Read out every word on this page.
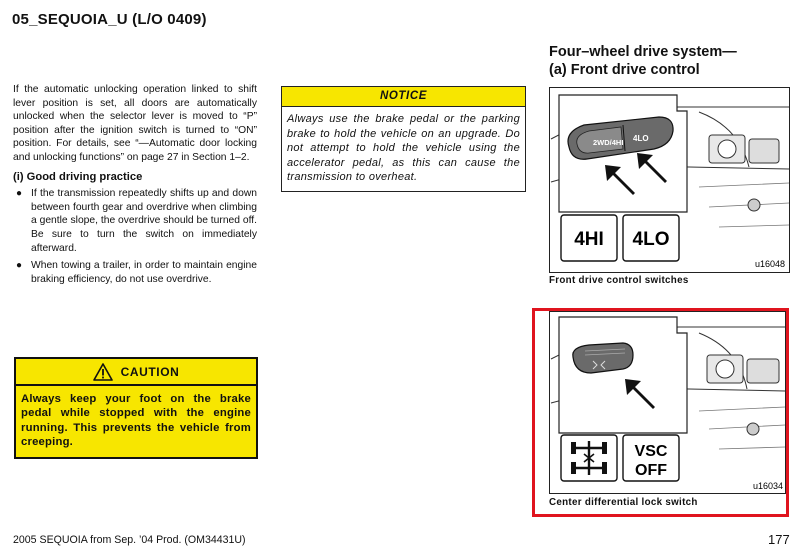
05_SEQUOIA_U (L/O 0409)
Four–wheel drive system—
(a) Front drive control

If the automatic unlocking operation linked to shift lever position is set, all doors are automatically unlocked when the selector lever is moved to “P” position after the ignition switch is turned to “ON” position. For details, see “—Automatic door locking and unlocking functions” on page 27 in Section 1–2.

(i) Good driving practice

● If the transmission repeatedly shifts up and down between fourth gear and overdrive when climbing a gentle slope, the overdrive should be turned off. Be sure to turn the switch on immediately afterward.

● When towing a trailer, in order to maintain engine braking efficiency, do not use overdrive.

CAUTION
Always keep your foot on the brake pedal while stopped with the engine running. This prevents the vehicle from creeping.
NOTICE
Always use the brake pedal or the parking brake to hold the vehicle on an upgrade. Do not attempt to hold the vehicle using the accelerator pedal, as this can cause the transmission to overheat.
2WD/4HI 4LO
4HI 4LO
u16048
Front drive control switches
VSC
OFF
u16034
Center differential lock switch
2005 SEQUOIA from Sep. ’04 Prod. (OM34431U)	177
